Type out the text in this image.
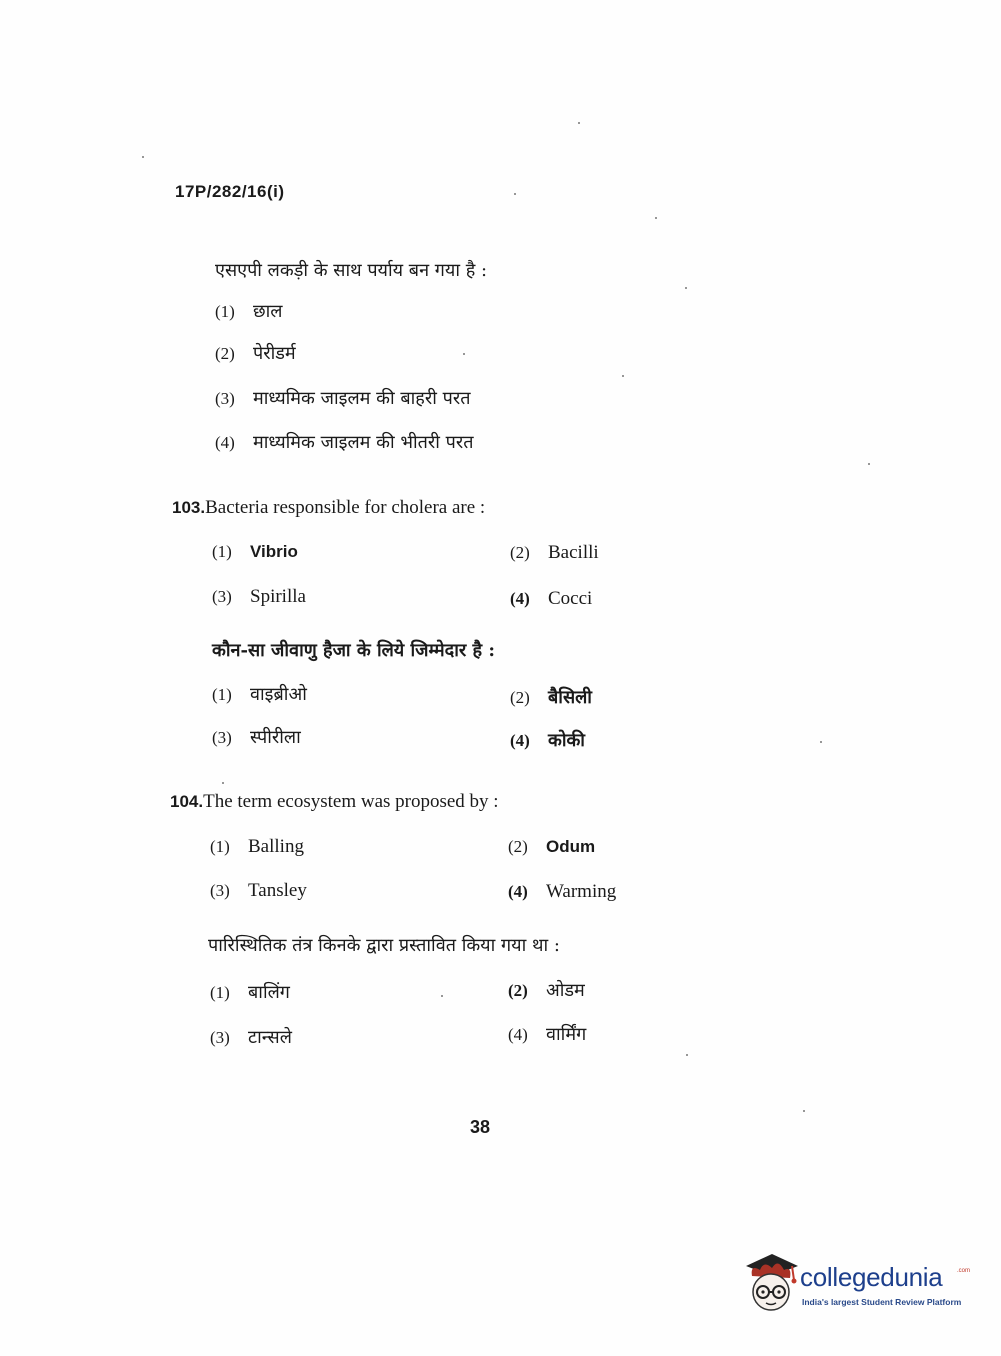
17P/282/16(i)
एसएपी लकड़ी के साथ पर्याय बन गया है :
(1)	छाल
(2)	पेरीडर्म
(3)	माध्यमिक जाइलम की बाहरी परत
(4)	माध्यमिक जाइलम की भीतरी परत
103.Bacteria responsible for cholera are :
(1)	Vibrio	(2) Bacilli
(3) Spirilla	(4) Cocci
कौन-सा जीवाणु हैजा के लिये जिम्मेदार है :
(1)	वाइब्रीओ	(2)	बैसिली
(3)	स्पीरीला	(4)	कोकी
104.The term ecosystem was proposed by :
(1) Balling	(2)	Odum
(3) Tansley	(4) Warming
पारिस्थितिक तंत्र किनके द्वारा प्रस्तावित किया गया था :
(1)	बालिंग	(2)	ओडम
(3)	टान्सले	(4)	वार्मिंग
38
collegedunia .com
India's largest Student Review Platform
